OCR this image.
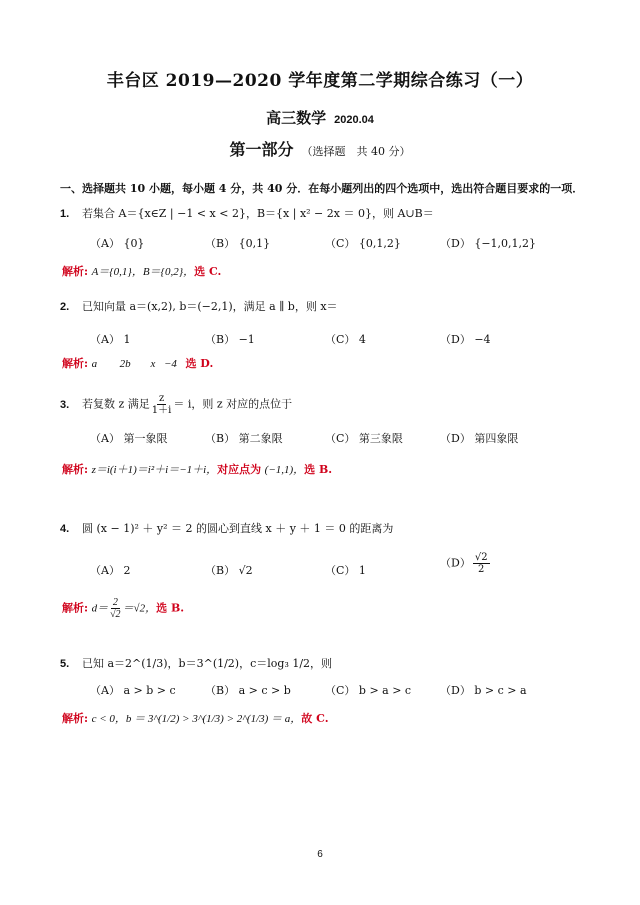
丰台区 2019—2020 学年度第二学期综合练习（一）
高三数学 2020.04
第一部分 （选择题　共 40 分）
一、选择题共 10 小题，每小题 4 分，共 40 分．在每小题列出的四个选项中，选出符合题目要求的一项．
1. 若集合 A＝{x∈Z | −1 < x < 2}，B＝{x | x² − 2x ＝ 0}，则 A∪B＝
（A） {0}	（B） {0,1}	（C） {0,1,2}	（D） {−1,0,1,2}
解析: A＝{0,1}，B＝{0,2}，选 C.
2. 已知向量 a＝(x,2), b＝(−2,1)，满足 a ∥ b，则 x＝
（A） 1	（B） −1	（C） 4	（D） −4
解析: a⃗ ＝ 2b⃗ ，x＝−4，选 D.
3. 若复数 z 满足 $\frac{z}{1+i} = i$，则 z 对应的点位于
（A） 第一象限	（B） 第二象限	（C） 第三象限	（D） 第四象限
解析: z＝i(i＋1)＝i²＋i＝−1＋i，对应点为 (−1,1)，选 B.
4. 圆 (x − 1)² ＋ y² ＝ 2 的圆心到直线 x ＋ y ＋ 1 ＝ 0 的距离为
（A） 2	（B） √2	（C） 1
$(D) \frac{√2}{2}$
解析: $d= \frac{2}{√2} =√2$，选 B.
5. 已知 a＝2^(1/3)，b＝3^(1/2)，c＝log₃ 1/2，则
（A） a > b > c	（B） a > c > b	（C） b > a > c	（D） b > c > a
解析: c < 0，b ＝ 3^(1/2) > 3^(1/3) > 2^(1/3) ＝ a，故 C.
6
